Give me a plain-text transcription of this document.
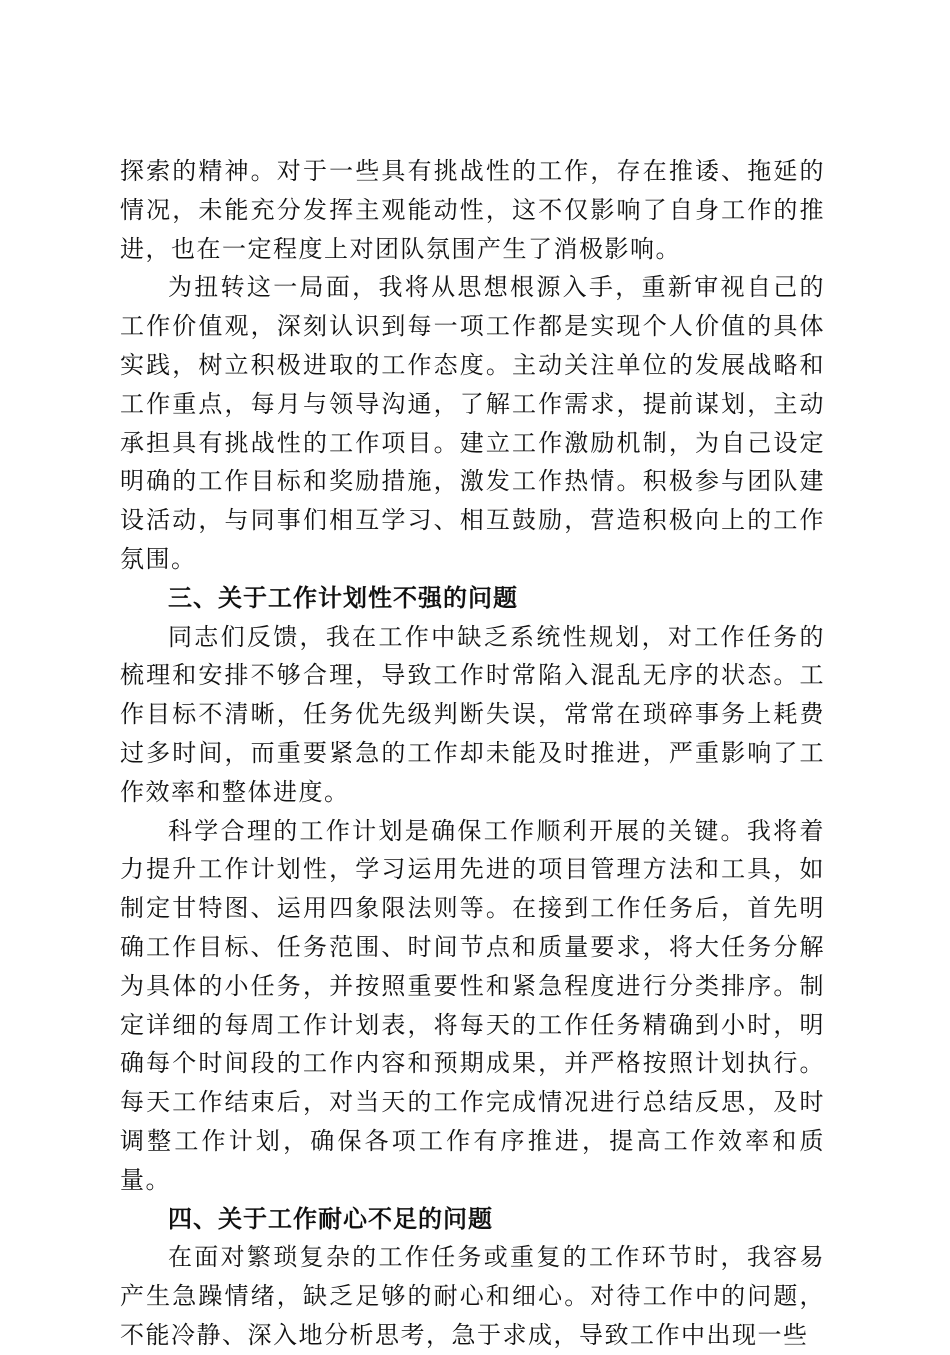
探索的精神。对于一些具有挑战性的工作，存在推诿、拖延的情况，未能充分发挥主观能动性，这不仅影响了自身工作的推进，也在一定程度上对团队氛围产生了消极影响。

为扭转这一局面，我将从思想根源入手，重新审视自己的工作价值观，深刻认识到每一项工作都是实现个人价值的具体实践，树立积极进取的工作态度。主动关注单位的发展战略和工作重点，每月与领导沟通，了解工作需求，提前谋划，主动承担具有挑战性的工作项目。建立工作激励机制，为自己设定明确的工作目标和奖励措施，激发工作热情。积极参与团队建设活动，与同事们相互学习、相互鼓励，营造积极向上的工作氛围。

三、关于工作计划性不强的问题

同志们反馈，我在工作中缺乏系统性规划，对工作任务的梳理和安排不够合理，导致工作时常陷入混乱无序的状态。工作目标不清晰，任务优先级判断失误，常常在琐碎事务上耗费过多时间，而重要紧急的工作却未能及时推进，严重影响了工作效率和整体进度。

科学合理的工作计划是确保工作顺利开展的关键。我将着力提升工作计划性，学习运用先进的项目管理方法和工具，如制定甘特图、运用四象限法则等。在接到工作任务后，首先明确工作目标、任务范围、时间节点和质量要求，将大任务分解为具体的小任务，并按照重要性和紧急程度进行分类排序。制定详细的每周工作计划表，将每天的工作任务精确到小时，明确每个时间段的工作内容和预期成果，并严格按照计划执行。每天工作结束后，对当天的工作完成情况进行总结反思，及时调整工作计划，确保各项工作有序推进，提高工作效率和质量。

四、关于工作耐心不足的问题

在面对繁琐复杂的工作任务或重复的工作环节时，我容易产生急躁情绪，缺乏足够的耐心和细心。对待工作中的问题，不能冷静、深入地分析思考，急于求成，导致工作中出现一些
